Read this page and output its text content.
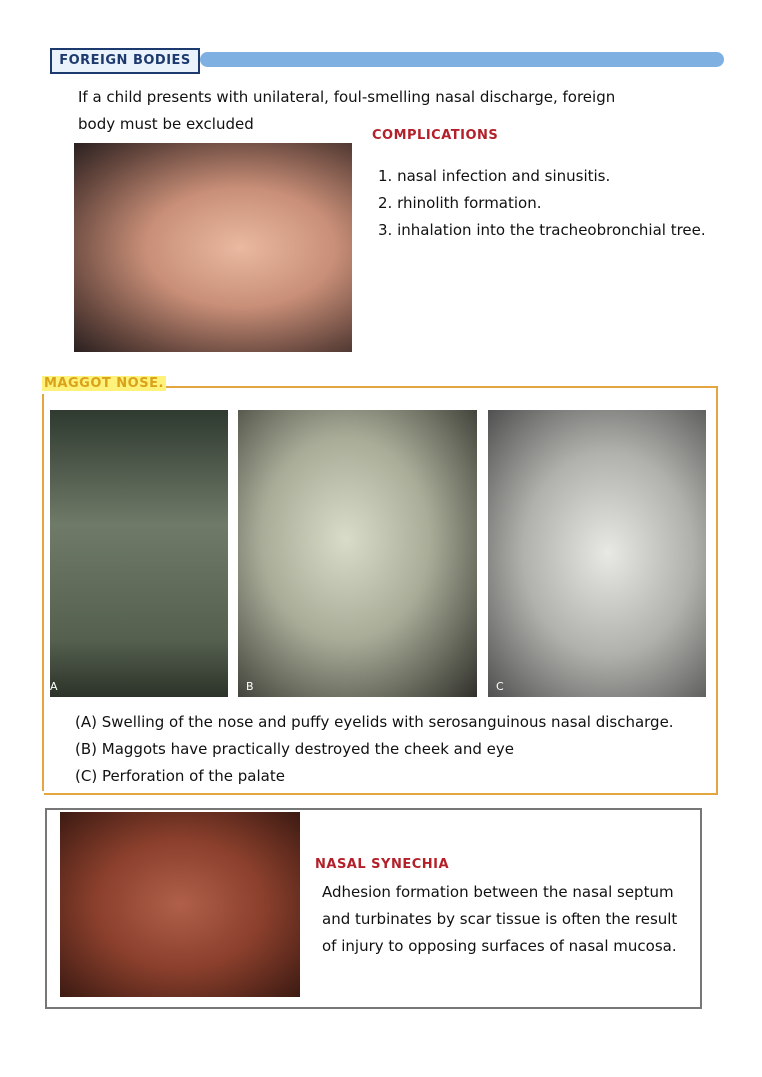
FOREIGN BODIES
If a child presents with unilateral, foul-smelling nasal discharge, foreign body must be excluded
COMPLICATIONS
1. nasal infection and sinusitis.
2. rhinolith formation.
3. inhalation into the tracheobronchial tree.
MAGGOT NOSE.
A	B	C
(A) Swelling of the nose and puffy eyelids with serosanguinous nasal discharge.
(B) Maggots have practically destroyed the cheek and eye
(C) Perforation of the palate
NASAL SYNECHIA
Adhesion formation between the nasal septum and turbinates by scar tissue is often the result of injury to opposing surfaces of nasal mucosa.
